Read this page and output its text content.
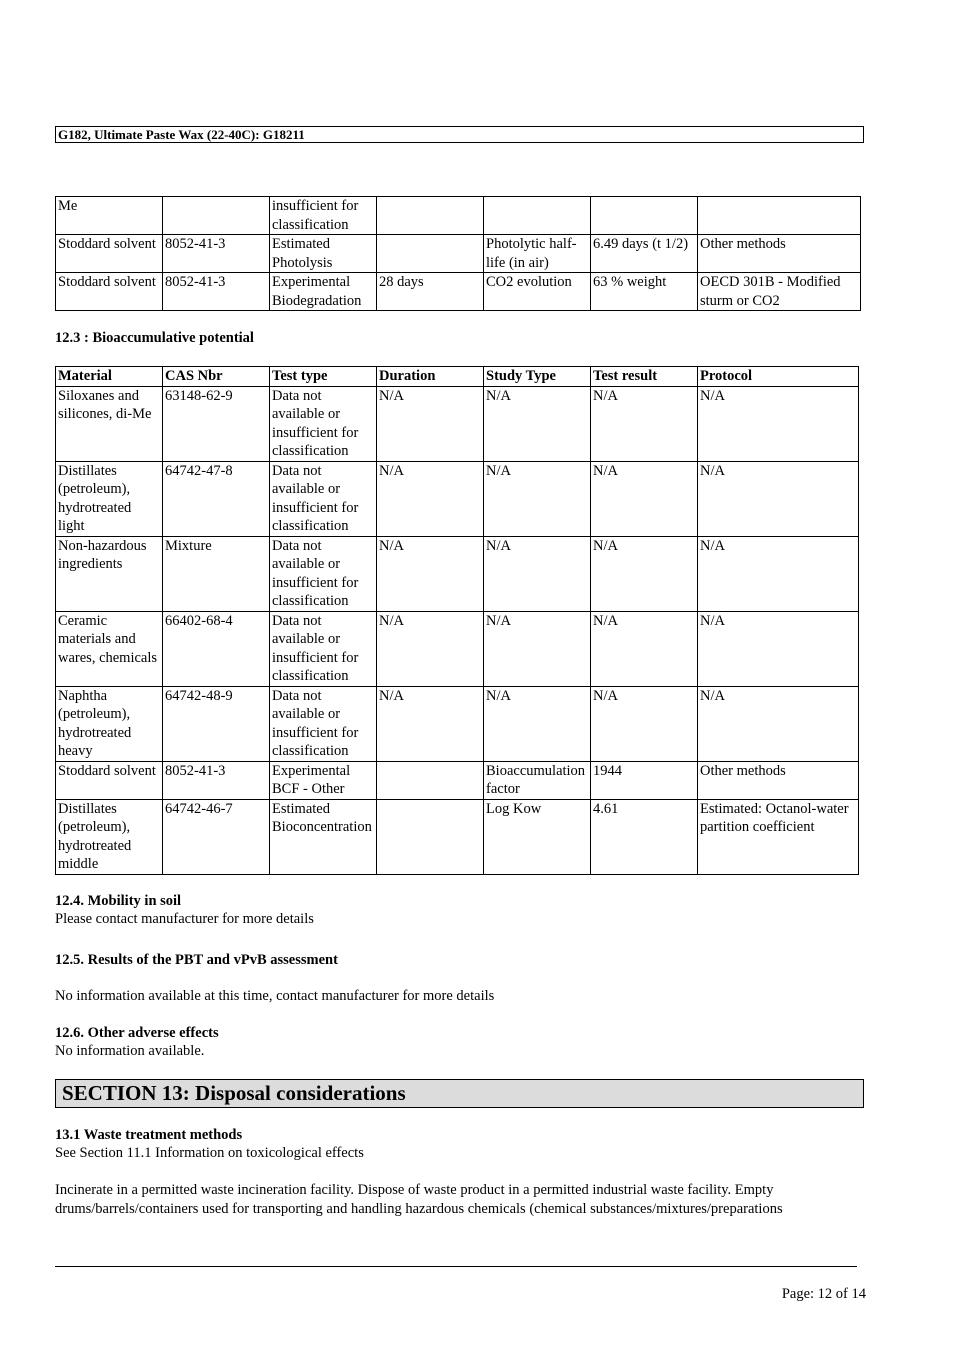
G182, Ultimate Paste Wax (22-40C): G18211
Me		insufficient for classification				
Stoddard solvent	8052-41-3	Estimated Photolysis		Photolytic half-life (in air)	6.49 days (t 1/2)	Other methods
Stoddard solvent	8052-41-3	Experimental Biodegradation	28 days	CO2 evolution	63 % weight	OECD 301B - Modified sturm or CO2
12.3 : Bioaccumulative potential
Material	CAS Nbr	Test type	Duration	Study Type	Test result	Protocol
Siloxanes and silicones, di-Me	63148-62-9	Data not available or insufficient for classification	N/A	N/A	N/A	N/A
Distillates (petroleum), hydrotreated light	64742-47-8	Data not available or insufficient for classification	N/A	N/A	N/A	N/A
Non-hazardous ingredients	Mixture	Data not available or insufficient for classification	N/A	N/A	N/A	N/A
Ceramic materials and wares, chemicals	66402-68-4	Data not available or insufficient for classification	N/A	N/A	N/A	N/A
Naphtha (petroleum), hydrotreated heavy	64742-48-9	Data not available or insufficient for classification	N/A	N/A	N/A	N/A
Stoddard solvent	8052-41-3	Experimental BCF - Other		Bioaccumulation factor	1944	Other methods
Distillates (petroleum), hydrotreated middle	64742-46-7	Estimated Bioconcentration		Log Kow	4.61	Estimated: Octanol-water partition coefficient
12.4. Mobility in soil
Please contact manufacturer for more details
12.5. Results of the PBT and vPvB assessment
No information available at this time, contact manufacturer for more details
12.6. Other adverse effects
No information available.
SECTION 13: Disposal considerations
13.1 Waste treatment methods
See Section 11.1 Information on toxicological effects
Incinerate in a permitted waste incineration facility. Dispose of waste product in a permitted industrial waste facility. Empty drums/barrels/containers used for transporting and handling hazardous chemicals (chemical substances/mixtures/preparations
Page: 12 of 14
